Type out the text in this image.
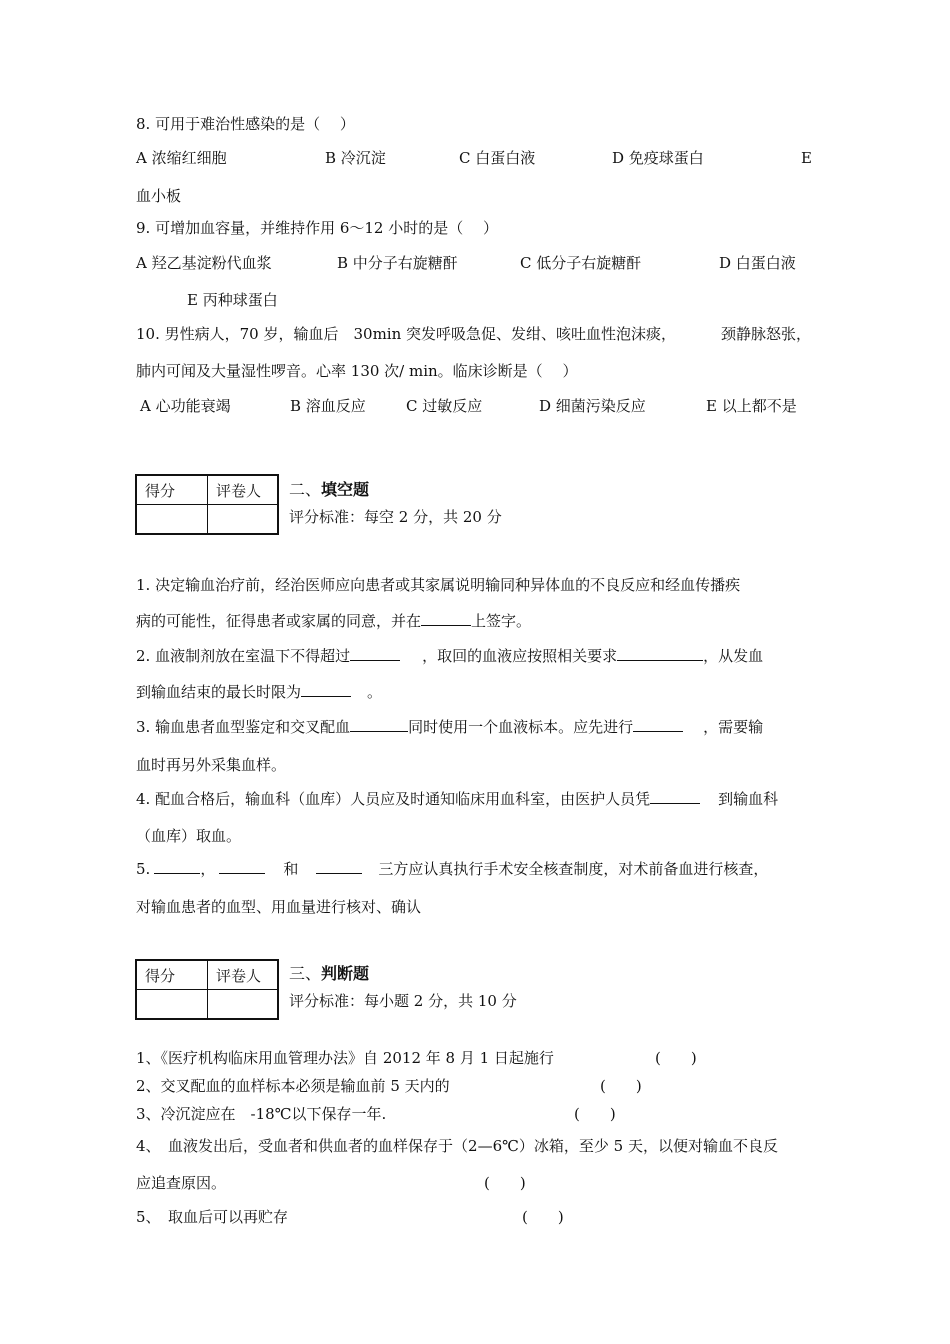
8. 可用于难治性感染的是（　 ）
A 浓缩红细胞	B 冷沉淀	C 白蛋白液	D 免疫球蛋白	E
血小板
9. 可增加血容量，并维持作用 6～12 小时的是（　 ）
A 羟乙基淀粉代血浆	B 中分子右旋糖酐	C 低分子右旋糖酐	D 白蛋白液
E 丙种球蛋白
10. 男性病人，70 岁，输血后　30min 突发呼吸急促、发绀、咳吐血性泡沫痰，	颈静脉怒张，
肺内可闻及大量湿性啰音。心率 130 次/ min。临床诊断是（　 ）
A 心功能衰竭	B 溶血反应	C 过敏反应	D 细菌污染反应	E 以上都不是
得分	评卷人
	二、填空题
评分标准：每空 2 分，共 20 分
1. 决定输血治疗前，经治医师应向患者或其家属说明输同种异体血的不良反应和经血传播疾
病的可能性，征得患者或家属的同意，并在	上签字。
2. 血液制剂放在室温下不得超过	，取回的血液应按照相关要求	，从发血
到输血结束的最长时限为	。
3. 输血患者血型鉴定和交叉配血	同时使用一个血液标本。应先进行	，需要输
血时再另外采集血样。
4. 配血合格后，输血科（血库）人员应及时通知临床用血科室，由医护人员凭	到输血科
（血库）取血。
5.	，	和	三方应认真执行手术安全核查制度，对术前备血进行核查，
对输血患者的血型、用血量进行核对、确认
得分	评卷人
	三、判断题
评分标准：每小题 2 分，共 10 分
1、《医疗机构临床用血管理办法》自 2012 年 8 月 1 日起施行	(　　)
2、交叉配血的血样标本必须是输血前 5 天内的	(　　)
3、冷沉淀应在　-18℃以下保存一年.	(　　)
4、　血液发出后，受血者和供血者的血样保存于（2—6℃）冰箱，至少 5 天，以便对输血不良反
应追查原因。	(　　)
5、　取血后可以再贮存	(　　)
